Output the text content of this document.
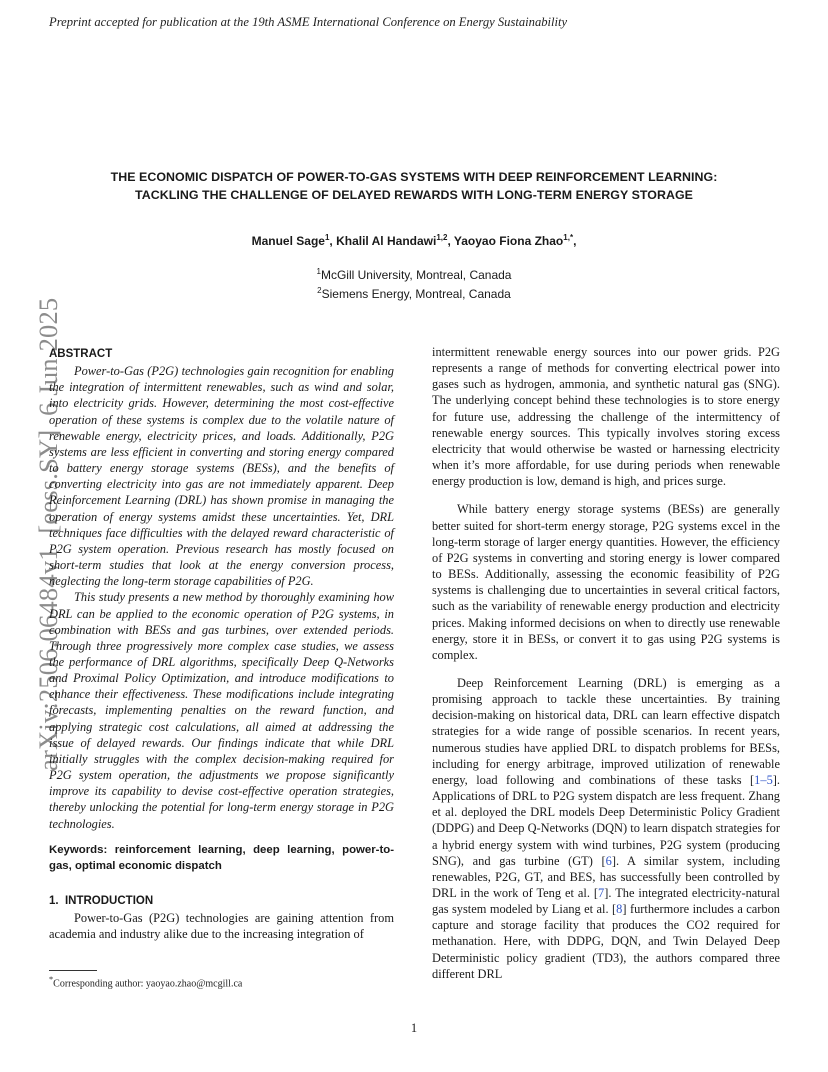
Preprint accepted for publication at the 19th ASME International Conference on Energy Sustainability
THE ECONOMIC DISPATCH OF POWER-TO-GAS SYSTEMS WITH DEEP REINFORCEMENT LEARNING:
TACKLING THE CHALLENGE OF DELAYED REWARDS WITH LONG-TERM ENERGY STORAGE
Manuel Sage$^1$, Khalil Al Handawi$^{1,2}$, Yaoyao Fiona Zhao$^{1,*}$,
$^1$McGill University, Montreal, Canada
$^2$Siemens Energy, Montreal, Canada
arXiv:2506.06484v1  [eess.SY]  6 Jun 2025
ABSTRACT

Power-to-Gas (P2G) technologies gain recognition for enabling the integration of intermittent renewables, such as wind and solar, into electricity grids. However, determining the most cost-effective operation of these systems is complex due to the volatile nature of renewable energy, electricity prices, and loads. Additionally, P2G systems are less efficient in converting and storing energy compared to battery energy storage systems (BESs), and the benefits of converting electricity into gas are not immediately apparent. Deep Reinforcement Learning (DRL) has shown promise in managing the operation of energy systems amidst these uncertainties. Yet, DRL techniques face difficulties with the delayed reward characteristic of P2G system operation. Previous research has mostly focused on short-term studies that look at the energy conversion process, neglecting the long-term storage capabilities of P2G.

This study presents a new method by thoroughly examining how DRL can be applied to the economic operation of P2G systems, in combination with BESs and gas turbines, over extended periods. Through three progressively more complex case studies, we assess the performance of DRL algorithms, specifically Deep Q-Networks and Proximal Policy Optimization, and introduce modifications to enhance their effectiveness. These modifications include integrating forecasts, implementing penalties on the reward function, and applying strategic cost calculations, all aimed at addressing the issue of delayed rewards. Our findings indicate that while DRL initially struggles with the complex decision-making required for P2G system operation, the adjustments we propose significantly improve its capability to devise cost-effective operation strategies, thereby unlocking the potential for long-term energy storage in P2G technologies.

Keywords: reinforcement learning, deep learning, power-to-gas, optimal economic dispatch

1.  INTRODUCTION

Power-to-Gas (P2G) technologies are gaining attention from academia and industry alike due to the increasing integration of

intermittent renewable energy sources into our power grids. P2G represents a range of methods for converting electrical power into gases such as hydrogen, ammonia, and synthetic natural gas (SNG). The underlying concept behind these technologies is to store energy for future use, addressing the challenge of the intermittency of renewable energy sources. This typically involves storing excess electricity that would otherwise be wasted or harnessing electricity when it’s more affordable, for use during periods when renewable energy production is low, demand is high, and prices surge.

While battery energy storage systems (BESs) are generally better suited for short-term energy storage, P2G systems excel in the long-term storage of larger energy quantities. However, the efficiency of P2G systems in converting and storing energy is lower compared to BESs. Additionally, assessing the economic feasibility of P2G systems is challenging due to uncertainties in several critical factors, such as the variability of renewable energy production and electricity prices. Making informed decisions on when to directly use renewable energy, store it in BESs, or convert it to gas using P2G systems is complex.

Deep Reinforcement Learning (DRL) is emerging as a promising approach to tackle these uncertainties. By training decision-making on historical data, DRL can learn effective dispatch strategies for a wide range of possible scenarios. In recent years, numerous studies have applied DRL to dispatch problems for BESs, including for energy arbitrage, improved utilization of renewable energy, load following and combinations of these tasks [1–5]. Applications of DRL to P2G system dispatch are less frequent. Zhang et al. deployed the DRL models Deep Deterministic Policy Gradient (DDPG) and Deep Q-Networks (DQN) to learn dispatch strategies for a hybrid energy system with wind turbines, P2G system (producing SNG), and gas turbine (GT) [6]. A similar system, including renewables, P2G, GT, and BES, has successfully been controlled by DRL in the work of Teng et al. [7]. The integrated electricity-natural gas system modeled by Liang et al. [8] furthermore includes a carbon capture and storage facility that produces the CO2 required for methanation. Here, with DDPG, DQN, and Twin Delayed Deep Deterministic policy gradient (TD3), the authors compared three different DRL

*Corresponding author: yaoyao.zhao@mcgill.ca
1
